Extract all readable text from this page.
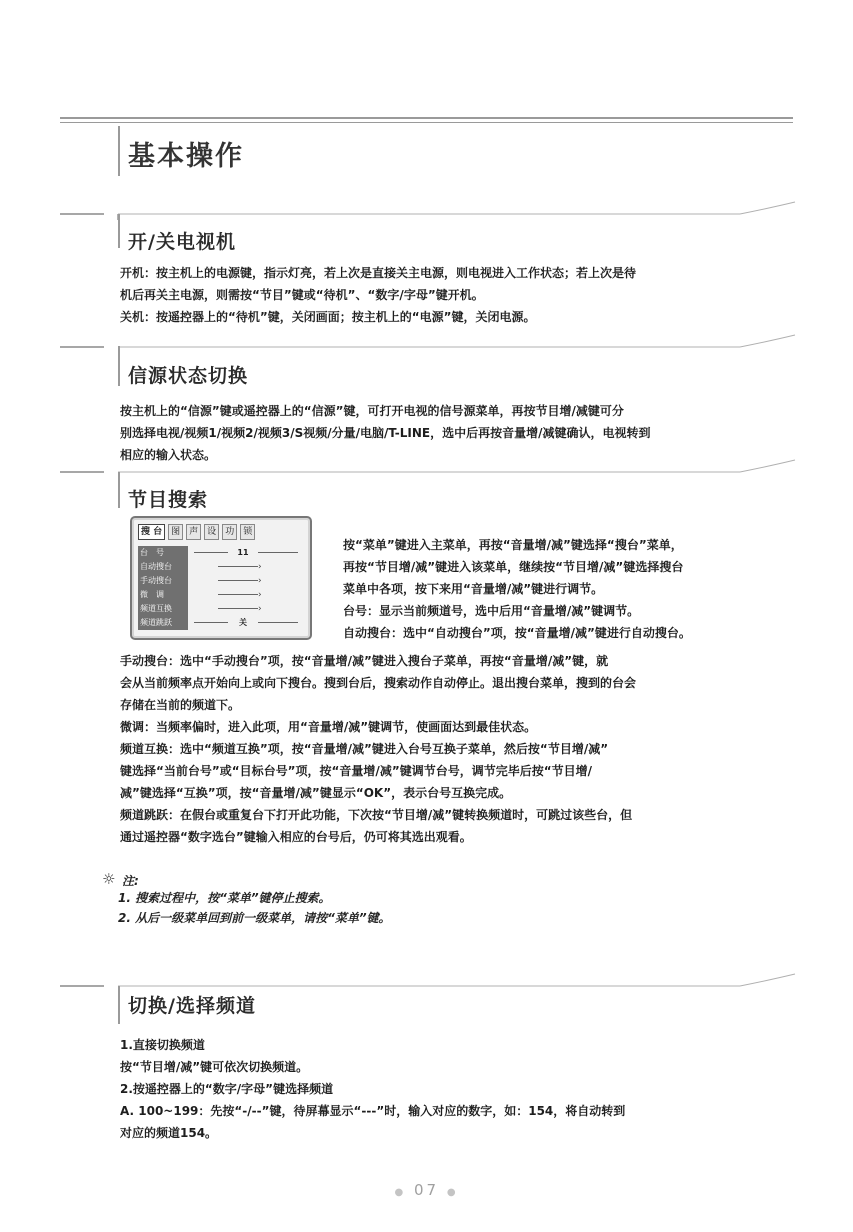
基本操作
开/关电视机

开机：按主机上的电源键，指示灯亮，若上次是直接关主电源，则电视进入工作状态；若上次是待

机后再关主电源，则需按“节目”键或“待机”、“数字/字母”键开机。

关机：按遥控器上的“待机”键，关闭画面；按主机上的“电源”键，关闭电源。

信源状态切换

按主机上的“信源”键或遥控器上的“信源”键，可打开电视的信号源菜单，再按节目增/减键可分

别选择电视/视频1/视频2/视频3/S视频/分量/电脑/T-LINE，选中后再按音量增/减键确认，电视转到

相应的输入状态。

节目搜索
搜 台	图	声	设	功	锁
台　号	11
自动搜台	›
手动搜台	›
微　调	›
频道互换	›
频道跳跃	关

按“菜单”键进入主菜单，再按“音量增/减”键选择“搜台”菜单，

再按“节目增/减”键进入该菜单，继续按“节目增/减”键选择搜台

菜单中各项，按下来用“音量增/减”键进行调节。

台号：显示当前频道号，选中后用“音量增/减”键调节。

自动搜台：选中“自动搜台”项，按“音量增/减”键进行自动搜台。

手动搜台：选中“手动搜台”项，按“音量增/减”键进入搜台子菜单，再按“音量增/减”键，就

会从当前频率点开始向上或向下搜台。搜到台后，搜索动作自动停止。退出搜台菜单，搜到的台会

存储在当前的频道下。

微调：当频率偏时，进入此项，用“音量增/减”键调节，使画面达到最佳状态。

频道互换：选中“频道互换”项，按“音量增/减”键进入台号互换子菜单，然后按“节目增/减”

键选择“当前台号”或“目标台号”项，按“音量增/减”键调节台号，调节完毕后按“节目增/

减”键选择“互换”项，按“音量增/减”键显示“OK”，表示台号互换完成。

频道跳跃：在假台或重复台下打开此功能，下次按“节目增/减”键转换频道时，可跳过该些台，但

通过遥控器“数字选台”键输入相应的台号后，仍可将其选出观看。

☼ 注:
1. 搜索过程中，按“菜单”键停止搜索。
2. 从后一级菜单回到前一级菜单，请按“菜单”键。
切换/选择频道

1.直接切换频道

按“节目增/减”键可依次切换频道。

2.按遥控器上的“数字/字母”键选择频道

A. 100~199：先按“-/--”键，待屏幕显示“---”时，输入对应的数字，如：154，将自动转到

对应的频道154。

● 07 ●
